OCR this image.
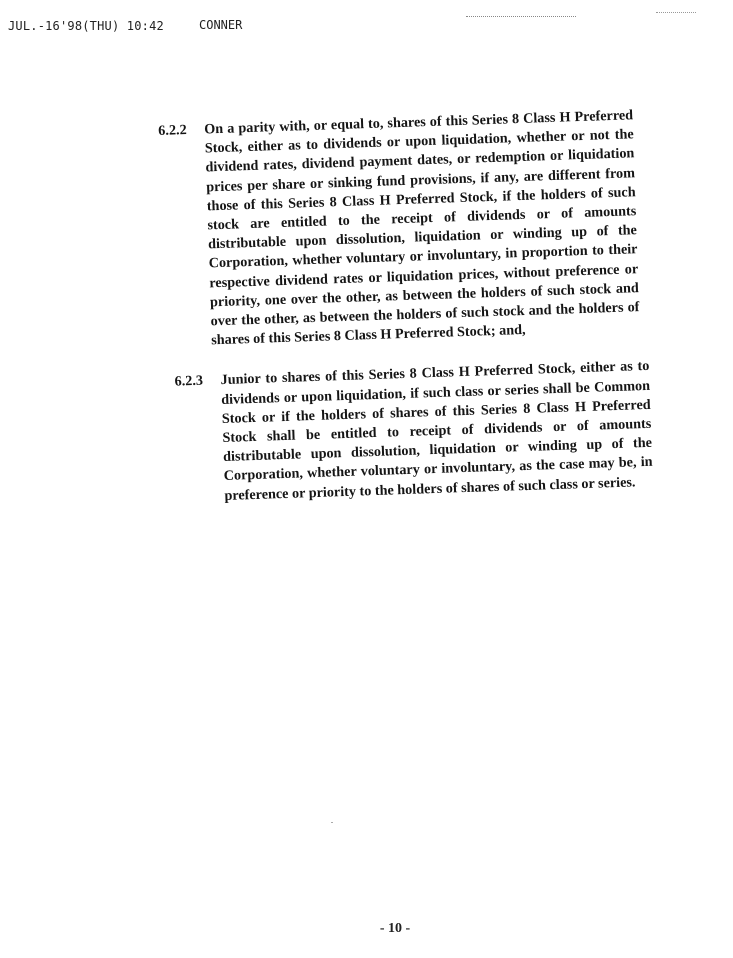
JUL.-16'98(THU) 10:42	CONNER
6.2.2 On a parity with, or equal to, shares of this Series 8 Class H Preferred Stock, either as to dividends or upon liquidation, whether or not the dividend rates, dividend payment dates, or redemption or liquidation prices per share or sinking fund provisions, if any, are different from those of this Series 8 Class H Preferred Stock, if the holders of such stock are entitled to the receipt of dividends or of amounts distributable upon dissolution, liquidation or winding up of the Corporation, whether voluntary or involuntary, in proportion to their respective dividend rates or liquidation prices, without preference or priority, one over the other, as between the holders of such stock and over the other, as between the holders of such stock and the holders of shares of this Series 8 Class H Preferred Stock; and,
6.2.3 Junior to shares of this Series 8 Class H Preferred Stock, either as to dividends or upon liquidation, if such class or series shall be Common Stock or if the holders of shares of this Series 8 Class H Preferred Stock shall be entitled to receipt of dividends or of amounts distributable upon dissolution, liquidation or winding up of the Corporation, whether voluntary or involuntary, as the case may be, in preference or priority to the holders of shares of such class or series.
- 10 -
